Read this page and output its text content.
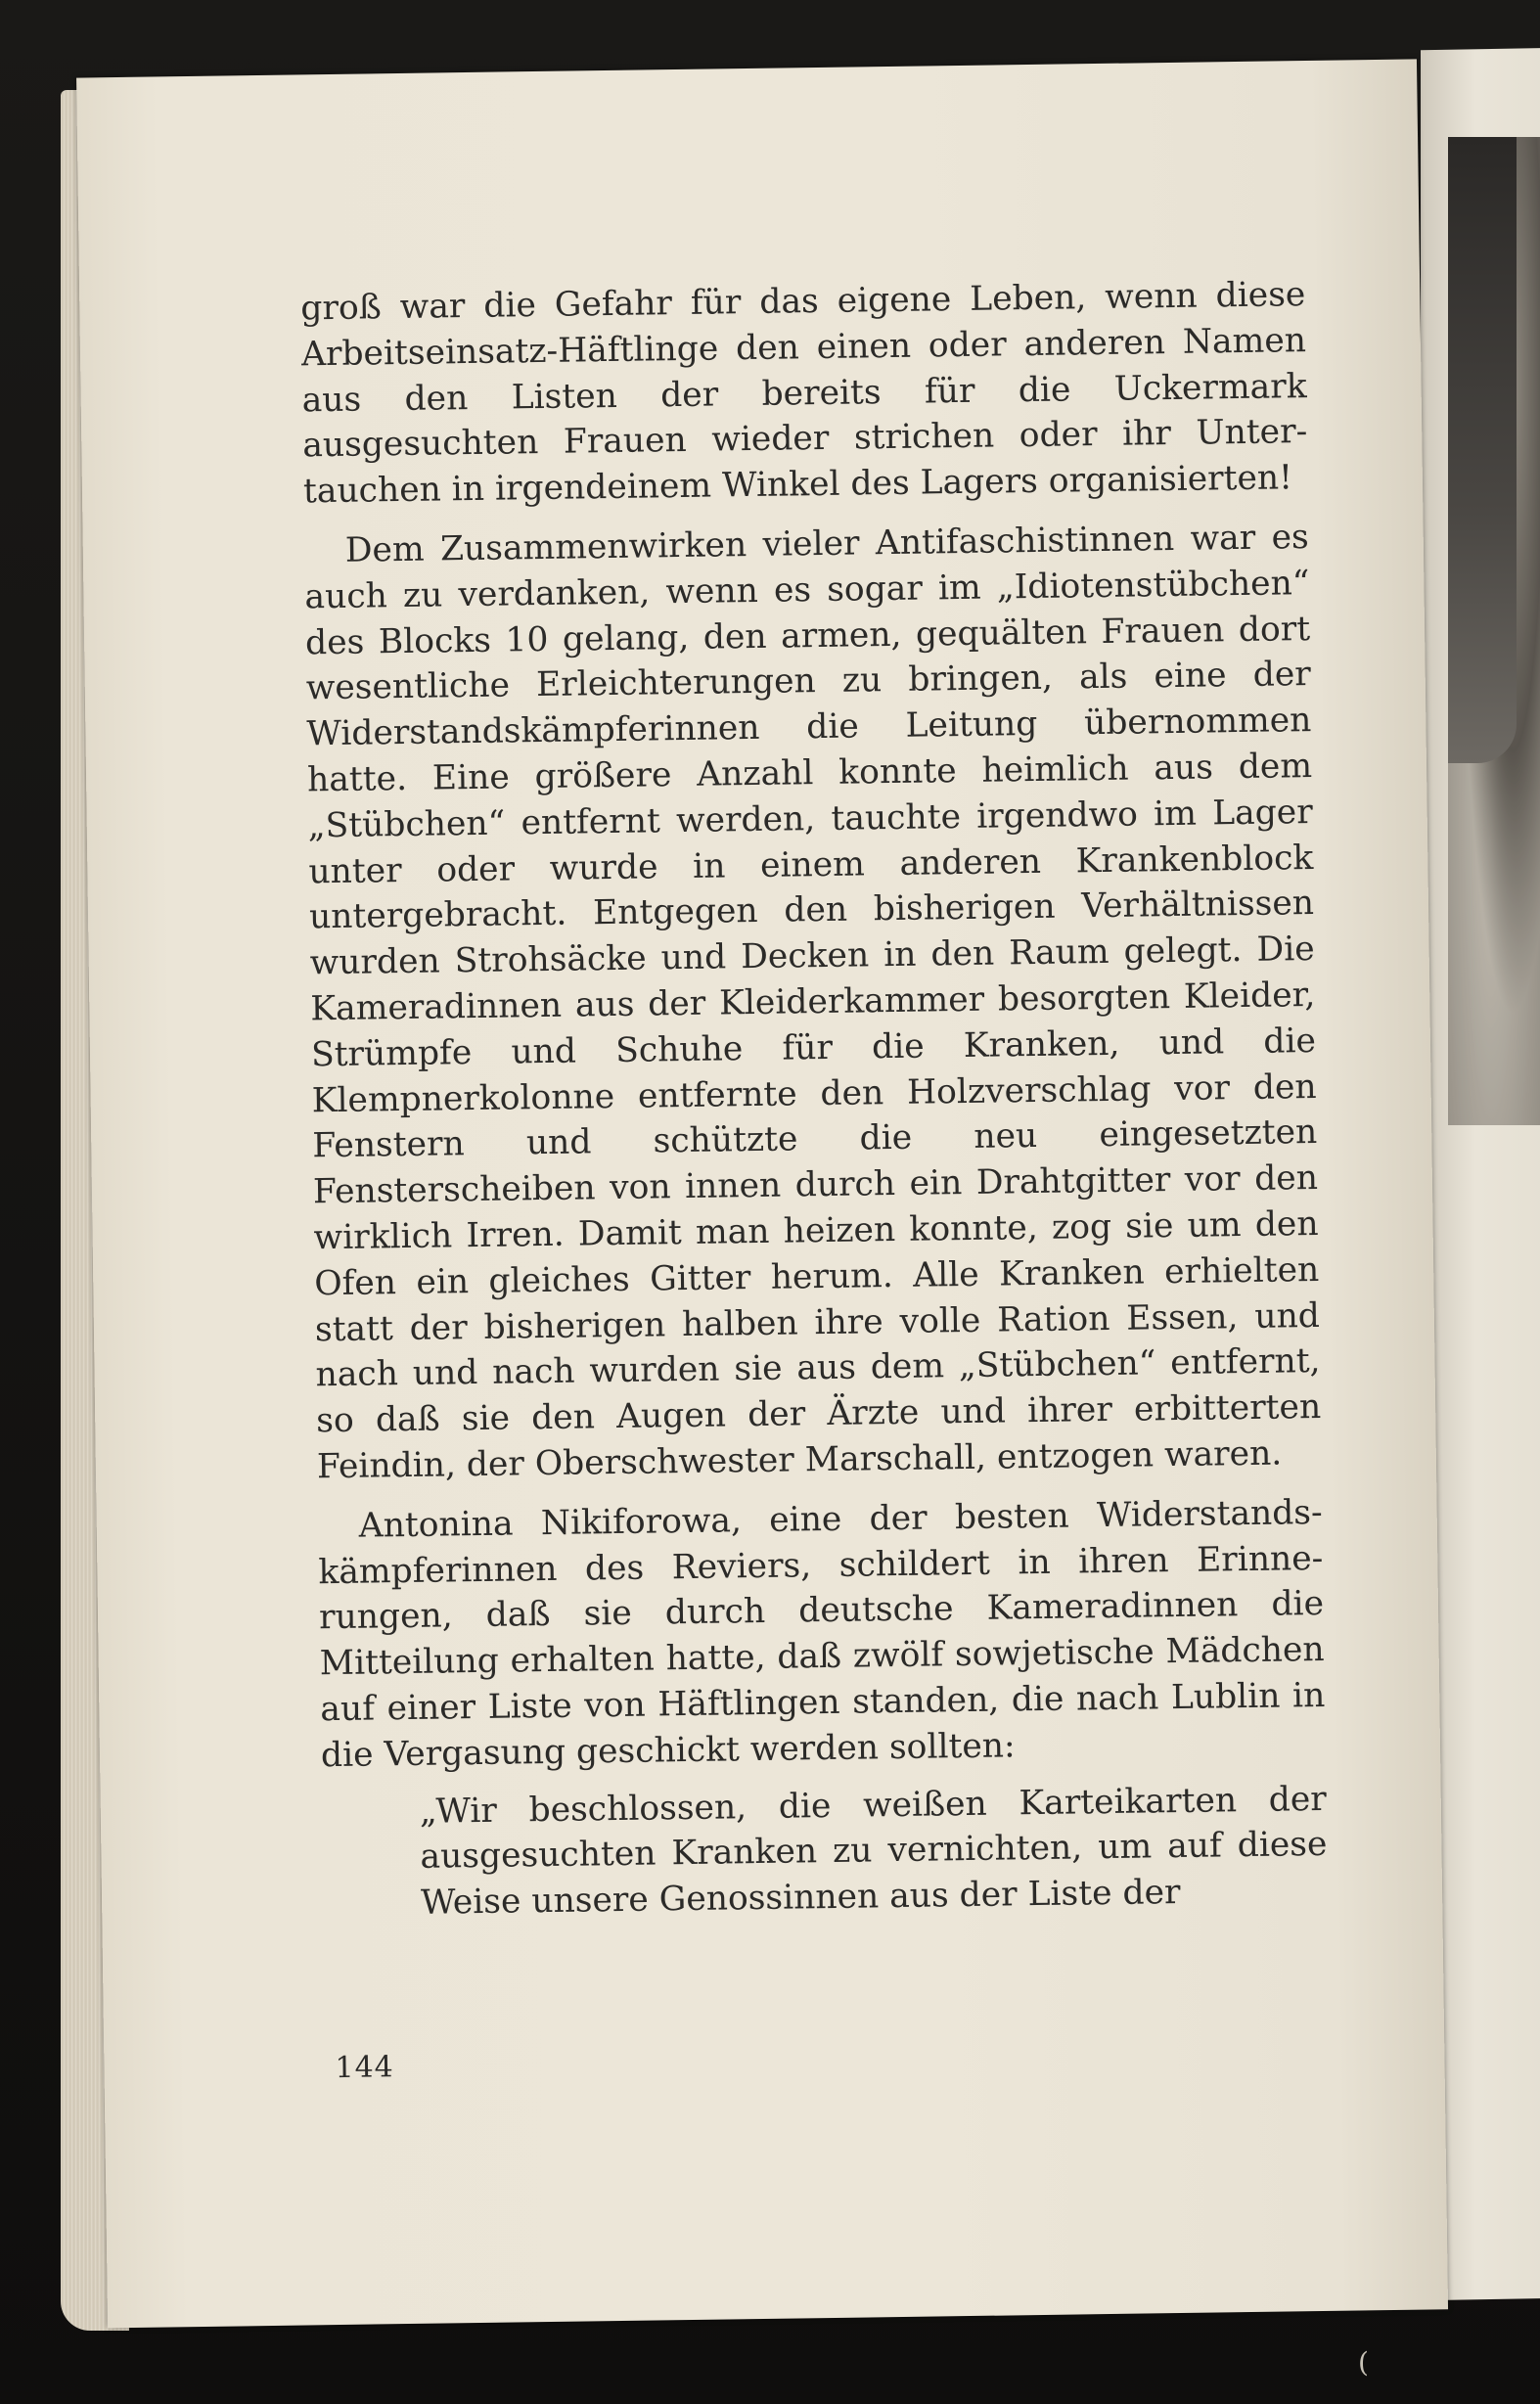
groß war die Gefahr für das eigene Leben, wenn diese Arbeitseinsatz-Häftlinge den einen oder anderen Namen aus den Listen der bereits für die Uckermark ausgesuchten Frauen wieder strichen oder ihr Untertauchen in irgendeinem Winkel des Lagers organisierten!

Dem Zusammenwirken vieler Antifaschistinnen war es auch zu verdanken, wenn es sogar im „Idiotenstübchen“ des Blocks 10 gelang, den armen, gequälten Frauen dort wesentliche Erleichterungen zu bringen, als eine der Widerstandskämpferinnen die Leitung übernommen hatte. Eine größere Anzahl konnte heimlich aus dem „Stübchen“ entfernt werden, tauchte irgendwo im Lager unter oder wurde in einem anderen Krankenblock untergebracht. Entgegen den bisherigen Verhältnissen wurden Strohsäcke und Decken in den Raum gelegt. Die Kameradinnen aus der Kleiderkammer besorgten Kleider, Strümpfe und Schuhe für die Kranken, und die Klempnerkolonne entfernte den Holzverschlag vor den Fenstern und schützte die neu eingesetzten Fensterscheiben von innen durch ein Drahtgitter vor den wirklich Irren. Damit man heizen konnte, zog sie um den Ofen ein gleiches Gitter herum. Alle Kranken erhielten statt der bisherigen halben ihre volle Ration Essen, und nach und nach wurden sie aus dem „Stübchen“ entfernt, so daß sie den Augen der Ärzte und ihrer erbitterten Feindin, der Oberschwester Marschall, entzogen waren.

Antonina Nikiforowa, eine der besten Widerstandskämpferinnen des Reviers, schildert in ihren Erinnerungen, daß sie durch deutsche Kameradinnen die Mitteilung erhalten hatte, daß zwölf sowjetische Mädchen auf einer Liste von Häftlingen standen, die nach Lublin in die Vergasung geschickt werden sollten:

„Wir beschlossen, die weißen Karteikarten der ausgesuchten Kranken zu vernichten, um auf diese Weise unsere Genossinnen aus der Liste der

144
(
